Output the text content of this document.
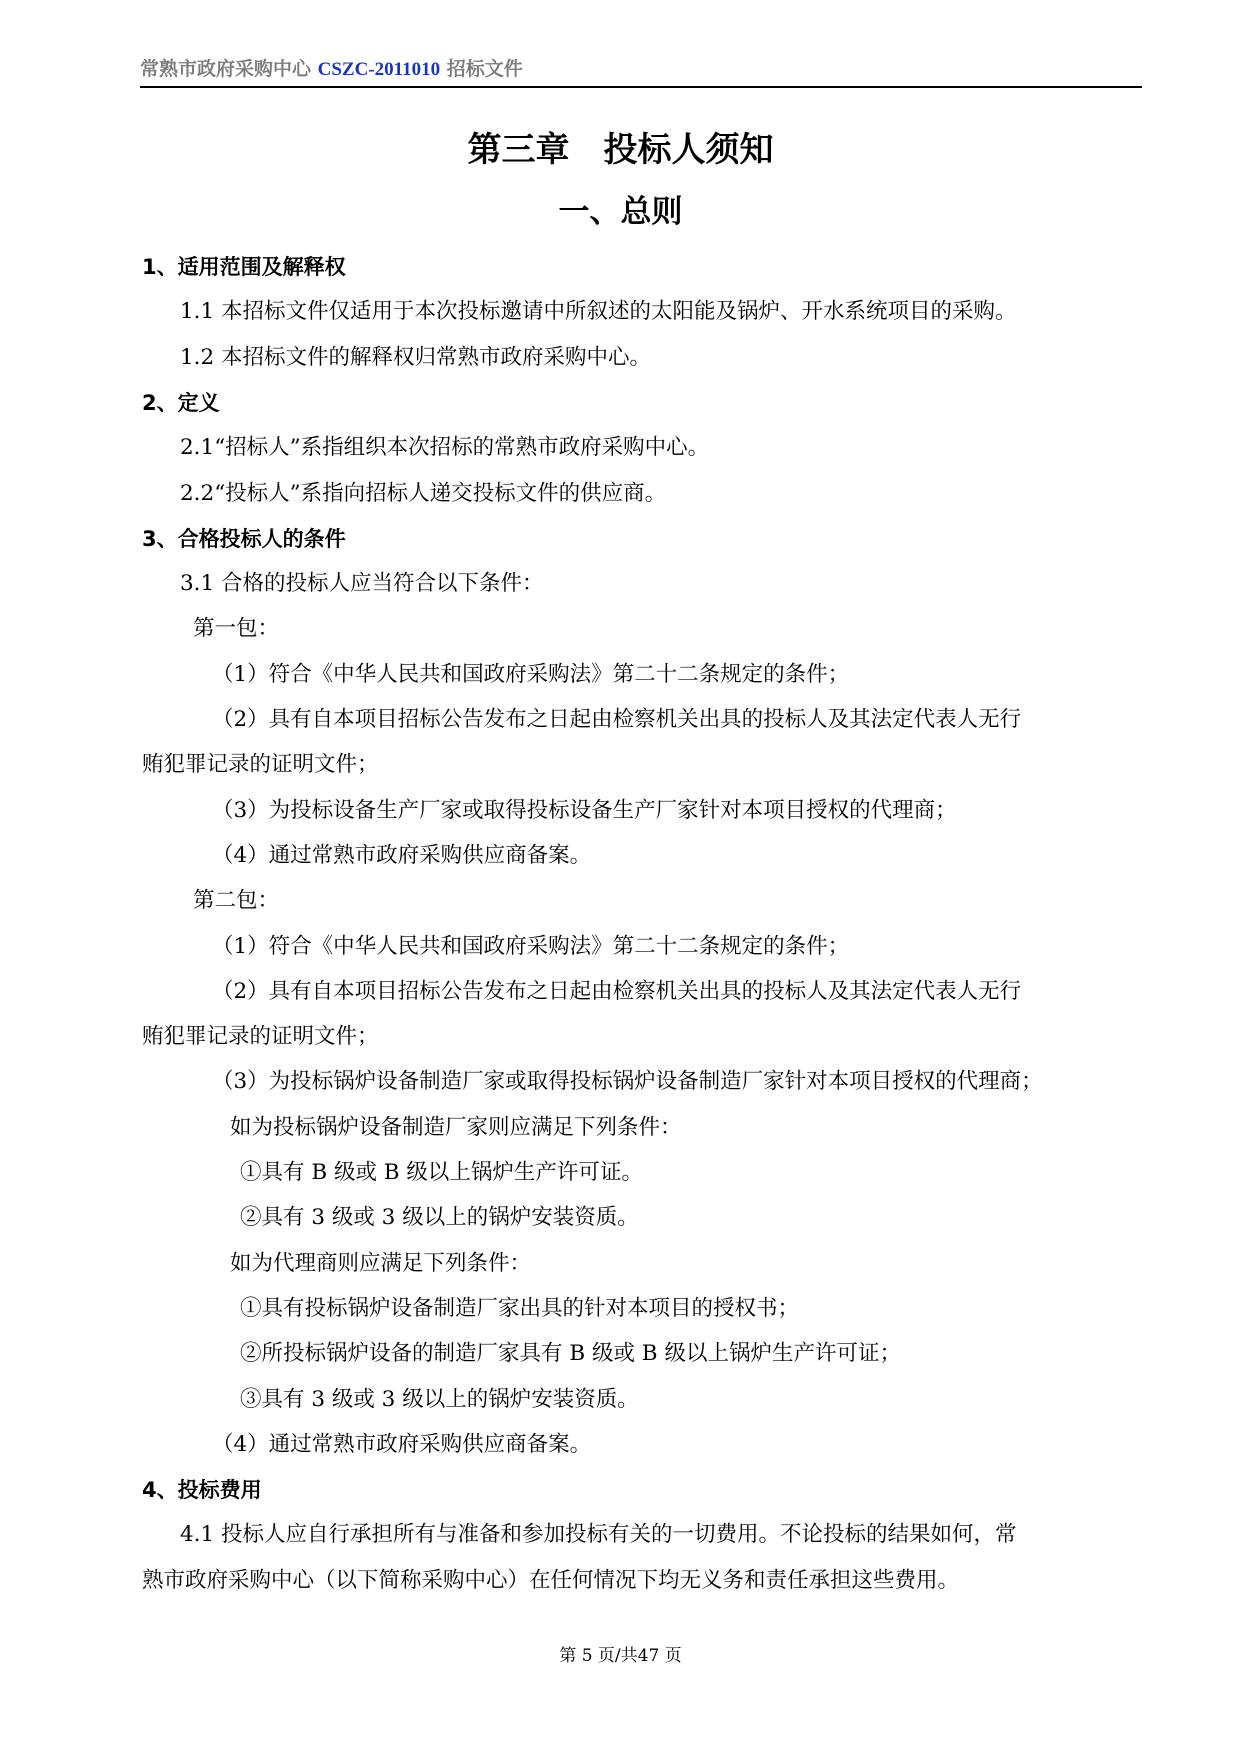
常熟市政府采购中心 CSZC-2011010 招标文件
第三章　投标人须知
一、总则
1、适用范围及解释权
1.1 本招标文件仅适用于本次投标邀请中所叙述的太阳能及锅炉、开水系统项目的采购。
1.2 本招标文件的解释权归常熟市政府采购中心。
2、定义
2.1“招标人”系指组织本次招标的常熟市政府采购中心。
2.2“投标人”系指向招标人递交投标文件的供应商。
3、合格投标人的条件
3.1 合格的投标人应当符合以下条件：
第一包：
（1）符合《中华人民共和国政府采购法》第二十二条规定的条件；
（2）具有自本项目招标公告发布之日起由检察机关出具的投标人及其法定代表人无行
贿犯罪记录的证明文件；
（3）为投标设备生产厂家或取得投标设备生产厂家针对本项目授权的代理商；
（4）通过常熟市政府采购供应商备案。
第二包：
（1）符合《中华人民共和国政府采购法》第二十二条规定的条件；
（2）具有自本项目招标公告发布之日起由检察机关出具的投标人及其法定代表人无行
贿犯罪记录的证明文件；
（3）为投标锅炉设备制造厂家或取得投标锅炉设备制造厂家针对本项目授权的代理商；
如为投标锅炉设备制造厂家则应满足下列条件：
①具有 B 级或 B 级以上锅炉生产许可证。
②具有 3 级或 3 级以上的锅炉安装资质。
如为代理商则应满足下列条件：
①具有投标锅炉设备制造厂家出具的针对本项目的授权书；
②所投标锅炉设备的制造厂家具有 B 级或 B 级以上锅炉生产许可证；
③具有 3 级或 3 级以上的锅炉安装资质。
（4）通过常熟市政府采购供应商备案。
4、投标费用
4.1 投标人应自行承担所有与准备和参加投标有关的一切费用。不论投标的结果如何，常
熟市政府采购中心（以下简称采购中心）在任何情况下均无义务和责任承担这些费用。
第 5 页/共47 页
